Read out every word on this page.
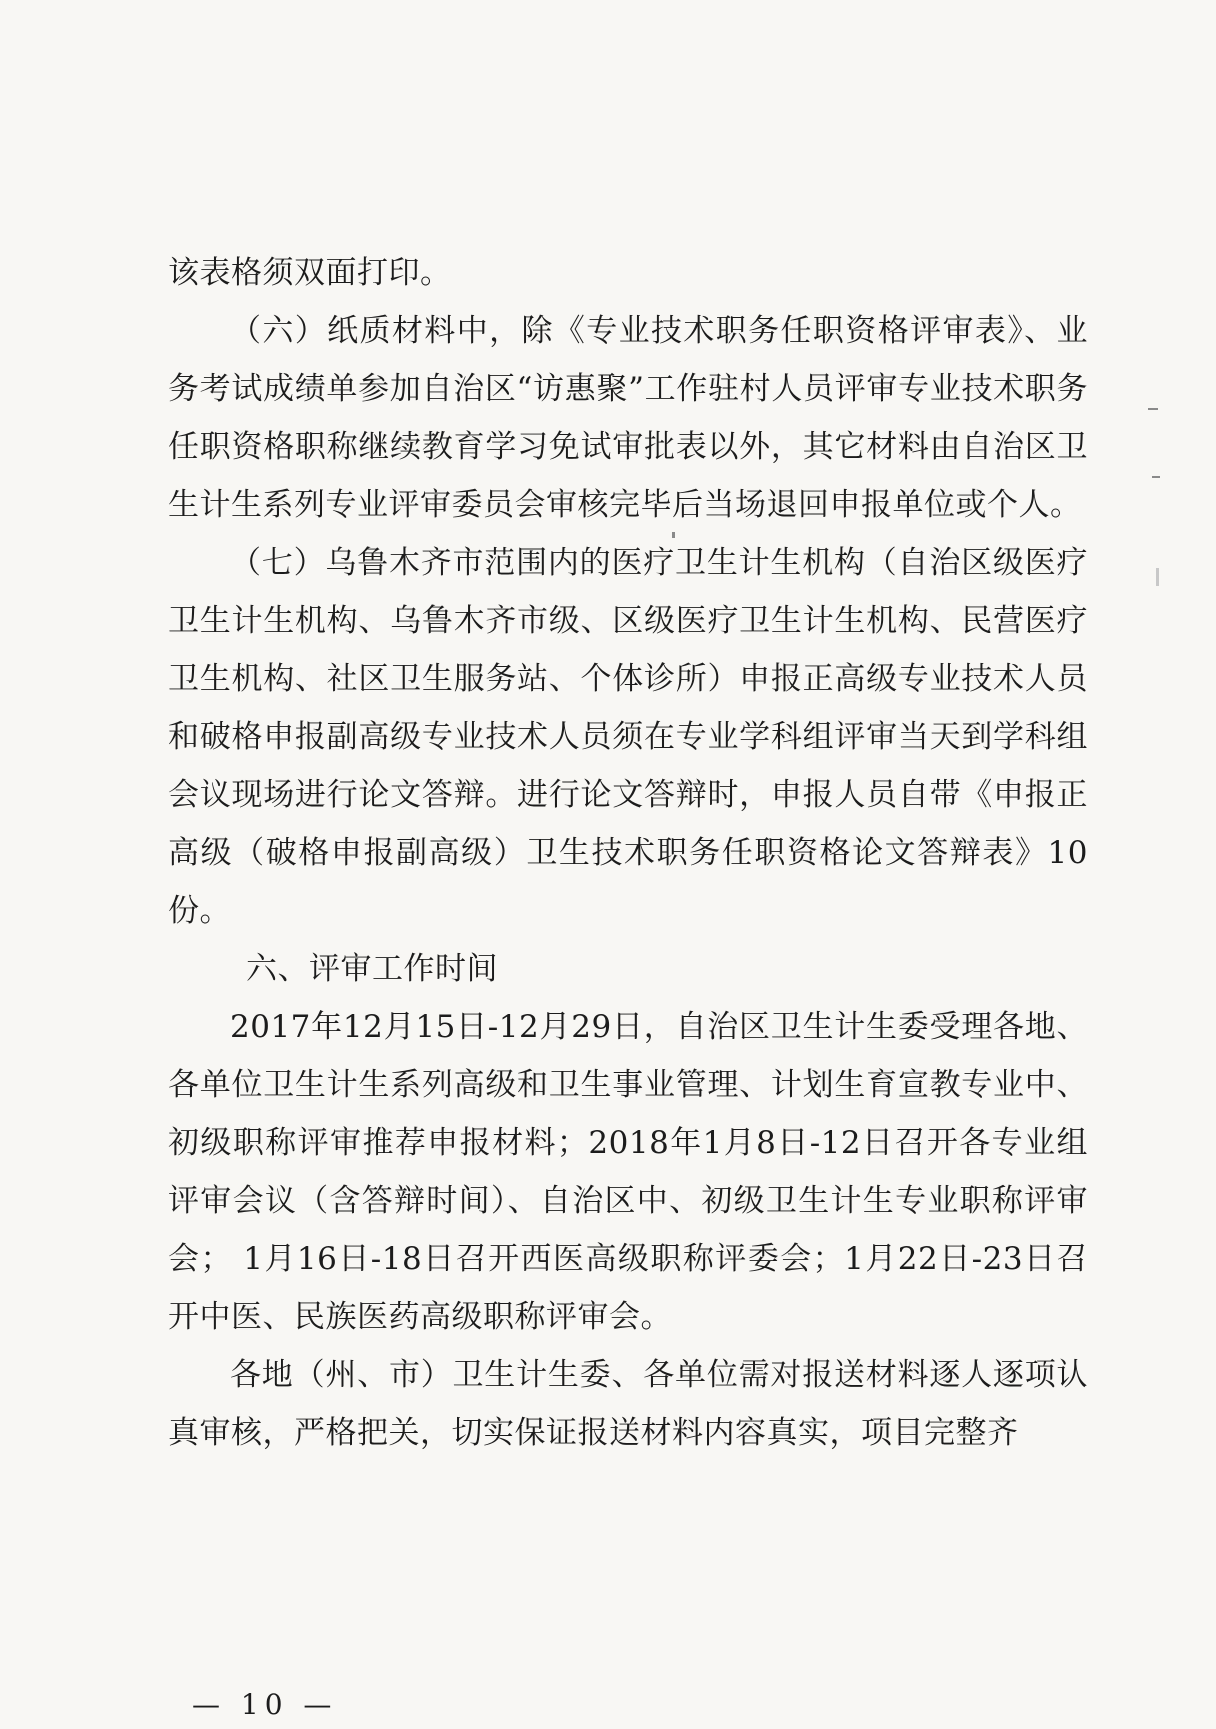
该表格须双面打印。

（六）纸质材料中，除《专业技术职务任职资格评审表》、业务考试成绩单参加自治区“访惠聚”工作驻村人员评审专业技术职务任职资格职称继续教育学习免试审批表以外，其它材料由自治区卫生计生系列专业评审委员会审核完毕后当场退回申报单位或个人。

（七）乌鲁木齐市范围内的医疗卫生计生机构（自治区级医疗卫生计生机构、乌鲁木齐市级、区级医疗卫生计生机构、民营医疗卫生机构、社区卫生服务站、个体诊所）申报正高级专业技术人员和破格申报副高级专业技术人员须在专业学科组评审当天到学科组会议现场进行论文答辩。进行论文答辩时，申报人员自带《申报正高级（破格申报副高级）卫生技术职务任职资格论文答辩表》10份。

六、评审工作时间

2017年12月15日-12月29日，自治区卫生计生委受理各地、各单位卫生计生系列高级和卫生事业管理、计划生育宣教专业中、初级职称评审推荐申报材料；2018年1月8日-12日召开各专业组评审会议（含答辩时间）、自治区中、初级卫生计生专业职称评审会； 1月16日-18日召开西医高级职称评委会；1月22日-23日召开中医、民族医药高级职称评审会。

各地（州、市）卫生计生委、各单位需对报送材料逐人逐项认真审核，严格把关，切实保证报送材料内容真实，项目完整齐

— 10 —
